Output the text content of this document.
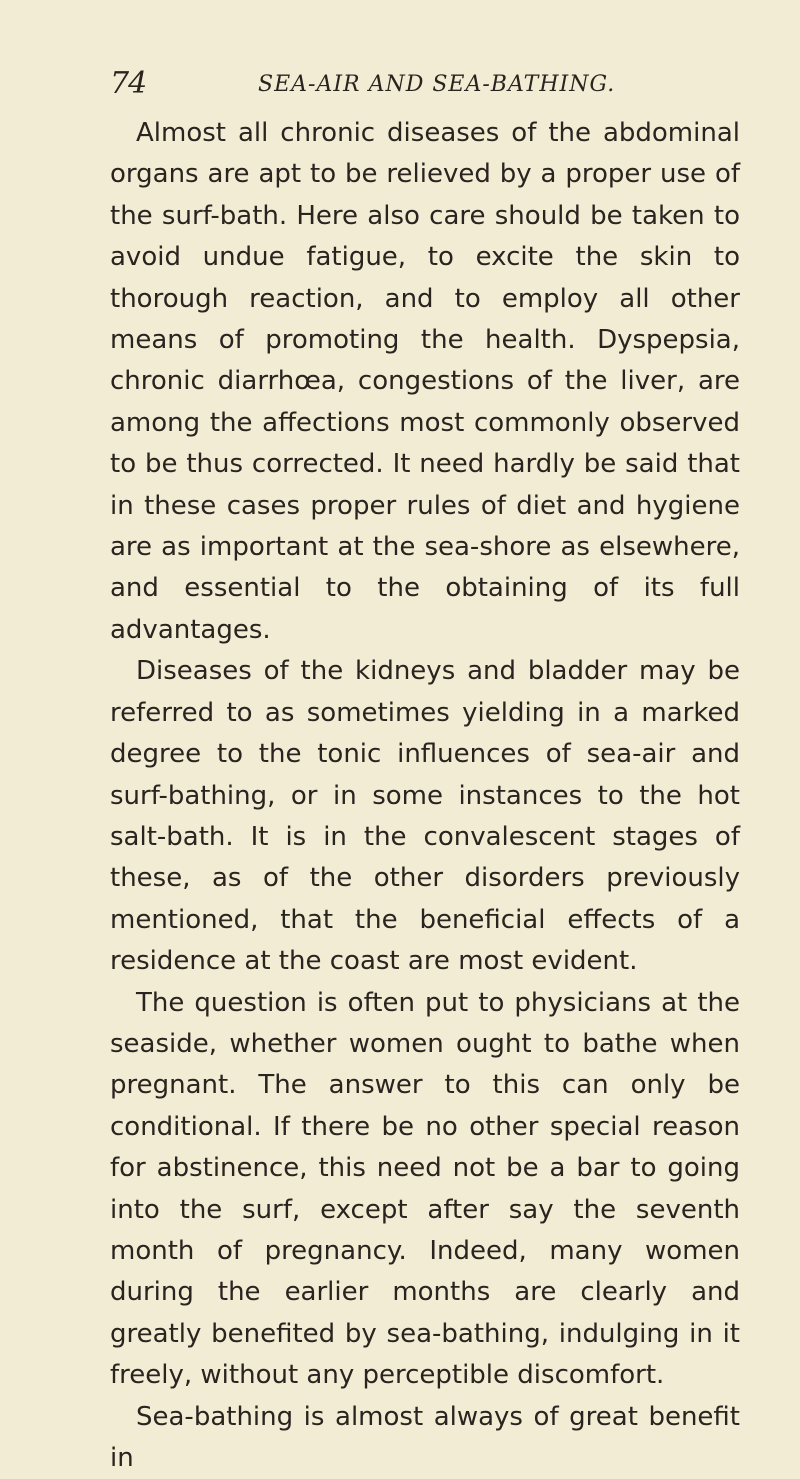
74	SEA-AIR AND SEA-BATHING.

Almost all chronic diseases of the abdominal organs are apt to be relieved by a proper use of the surf-bath. Here also care should be taken to avoid undue fatigue, to excite the skin to thorough reaction, and to employ all other means of promoting the health. Dyspepsia, chronic diarrhœa, congestions of the liver, are among the affections most commonly observed to be thus corrected. It need hardly be said that in these cases proper rules of diet and hygiene are as important at the sea-shore as elsewhere, and essential to the obtaining of its full advantages.

Diseases of the kidneys and bladder may be referred to as sometimes yielding in a marked degree to the tonic influences of sea-air and surf-bathing, or in some instances to the hot salt-bath. It is in the convalescent stages of these, as of the other disorders previously mentioned, that the beneficial effects of a residence at the coast are most evident.

The question is often put to physicians at the seaside, whether women ought to bathe when pregnant. The answer to this can only be conditional. If there be no other special reason for abstinence, this need not be a bar to going into the surf, except after say the seventh month of pregnancy. Indeed, many women during the earlier months are clearly and greatly benefited by sea-bathing, indulging in it freely, without any perceptible discomfort.

Sea-bathing is almost always of great benefit in
